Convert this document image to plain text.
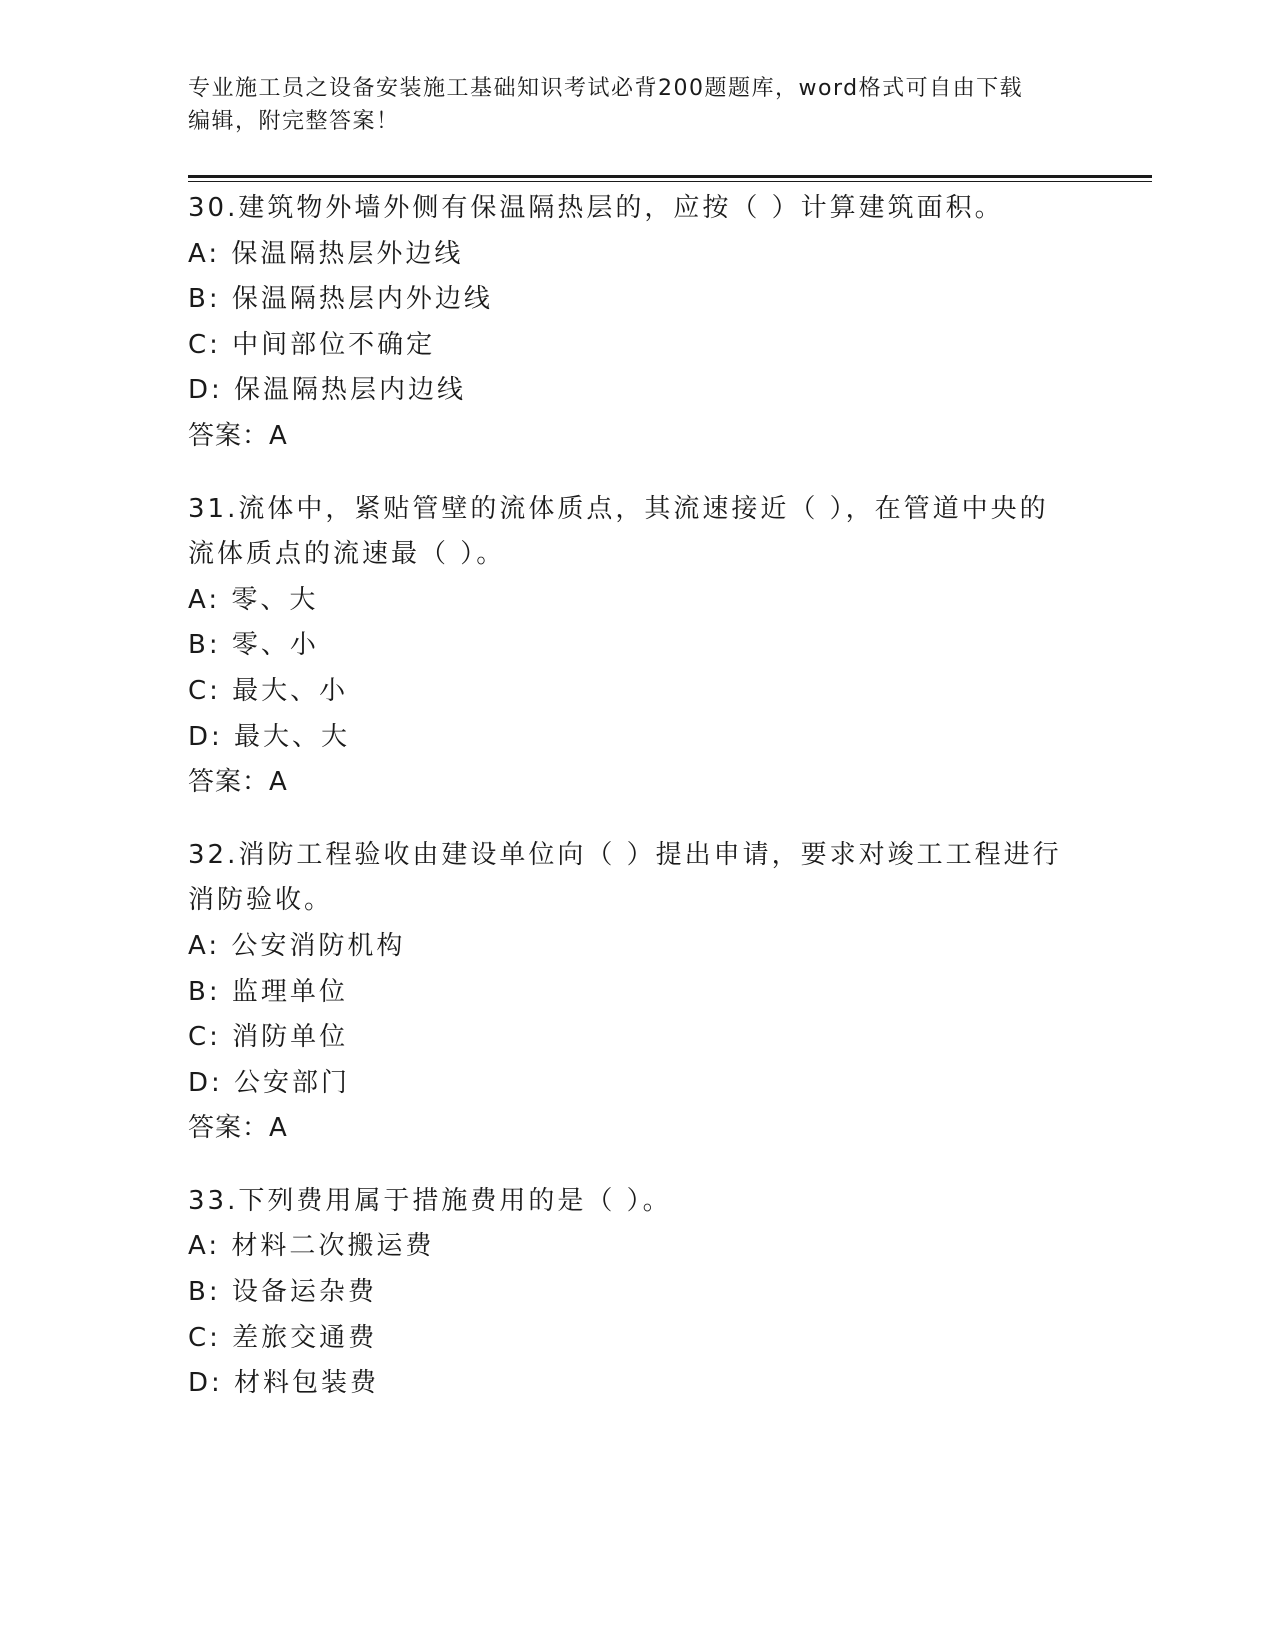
专业施工员之设备安装施工基础知识考试必背200题题库，word格式可自由下载
编辑，附完整答案！
30.建筑物外墙外侧有保温隔热层的，应按（ ）计算建筑面积。
A: 保温隔热层外边线
B: 保温隔热层内外边线
C: 中间部位不确定
D: 保温隔热层内边线
答案：A
31.流体中，紧贴管壁的流体质点，其流速接近（ ），在管道中央的流体质点的流速最（ ）。
A: 零、大
B: 零、小
C: 最大、小
D: 最大、大
答案：A
32.消防工程验收由建设单位向（ ）提出申请，要求对竣工工程进行消防验收。
A: 公安消防机构
B: 监理单位
C: 消防单位
D: 公安部门
答案：A
33.下列费用属于措施费用的是（ ）。
A: 材料二次搬运费
B: 设备运杂费
C: 差旅交通费
D: 材料包装费
